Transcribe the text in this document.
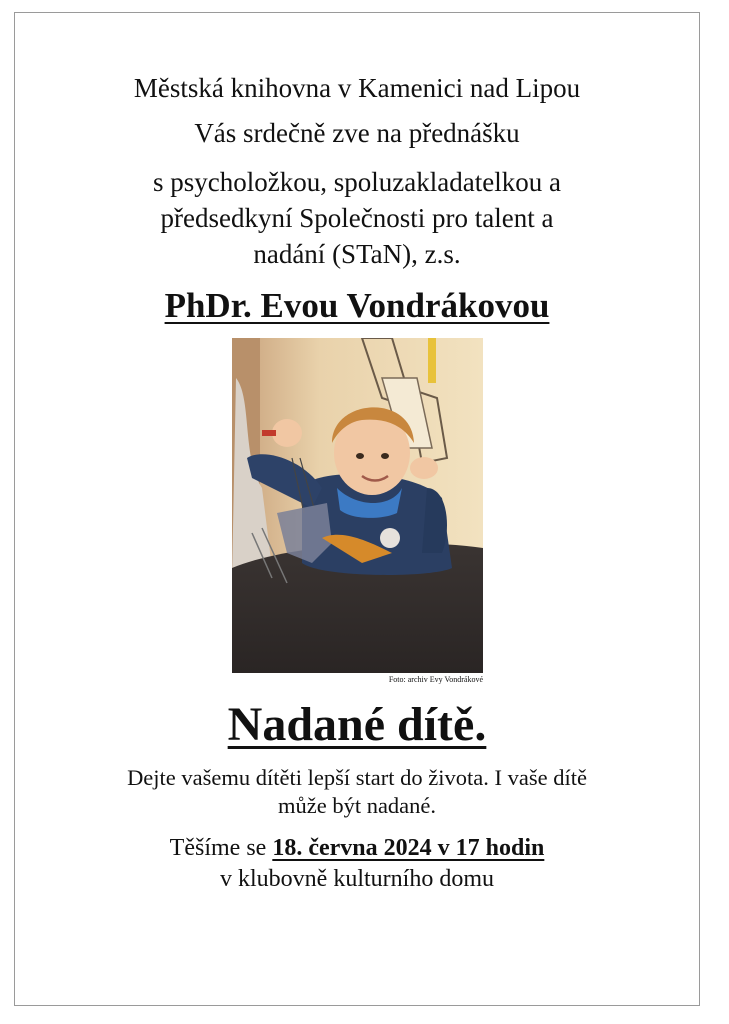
Městská knihovna v Kamenici nad Lipou
Vás srdečně zve na přednášku
s psycholožkou, spoluzakladatelkou a
předsedkyní Společnosti pro talent a
nadání (STaN), z.s.
PhDr. Evou Vondrákovou
Foto: archiv Evy Vondrákové
Nadané dítě.
Dejte vašemu dítěti lepší start do života. I vaše dítě
může být nadané.
Těšíme se 18. června 2024 v 17 hodin
v klubovně kulturního domu
